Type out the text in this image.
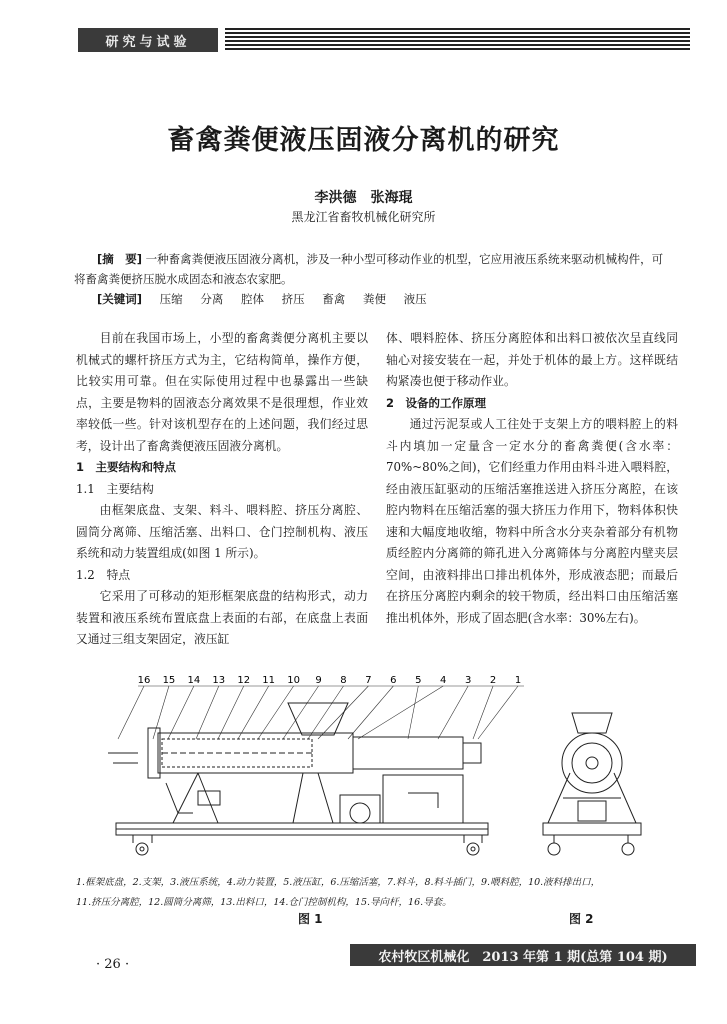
研究与试验
畜禽粪便液压固液分离机的研究
李洪德　张海琨
黑龙江省畜牧机械化研究所
[摘　要] 一种畜禽粪便液压固液分离机，涉及一种小型可移动作业的机型，它应用液压系统来驱动机械构件，可将畜禽粪便挤压脱水成固态和液态农家肥。
[关键词] 压缩 分离 腔体 挤压 畜禽 粪便 液压

目前在我国市场上，小型的畜禽粪便分离机主要以机械式的螺杆挤压方式为主，它结构简单，操作方便，比较实用可靠。但在实际使用过程中也暴露出一些缺点，主要是物料的固液态分离效果不是很理想，作业效率较低一些。针对该机型存在的上述问题，我们经过思考，设计出了畜禽粪便液压固液分离机。

1　主要结构和特点

1.1　主要结构

由框架底盘、支架、料斗、喂料腔、挤压分离腔、圆筒分离筛、压缩活塞、出料口、仓门控制机构、液压系统和动力装置组成(如图 1 所示)。

1.2　特点

它采用了可移动的矩形框架底盘的结构形式，动力装置和液压系统布置底盘上表面的右部，在底盘上表面又通过三组支架固定，液压缸

体、喂料腔体、挤压分离腔体和出料口被依次呈直线同轴心对接安装在一起，并处于机体的最上方。这样既结构紧凑也便于移动作业。

2　设备的工作原理

通过污泥泵或人工往处于支架上方的喂料腔上的料斗内填加一定量含一定水分的畜禽粪便(含水率：70%~80%之间)，它们经重力作用由料斗进入喂料腔，经由液压缸驱动的压缩活塞推送进入挤压分离腔，在该腔内物料在压缩活塞的强大挤压力作用下，物料体积快速和大幅度地收缩，物料中所含水分夹杂着部分有机物质经腔内分离筛的筛孔进入分离筛体与分离腔内壁夹层空间，由液料排出口排出机体外，形成液态肥；而最后在挤压分离腔内剩余的较干物质，经出料口由压缩活塞推出机体外，形成了固态肥(含水率：30%左右)。

16 15 14 13 12 11 10 9 8 7 6 5 4 3 2 1
1.框架底盘，2.支架，3.液压系统，4.动力装置，5.液压缸，6.压缩活塞，7.料斗，8.料斗插门，9.喂料腔，10.液料排出口，
11.挤压分离腔，12.圆筒分离筛，13.出料口，14.仓门控制机构，15.导向杆，16.导套。
图 1	图 2
· 26 ·	农村牧区机械化　2013 年第 1 期(总第 104 期)
